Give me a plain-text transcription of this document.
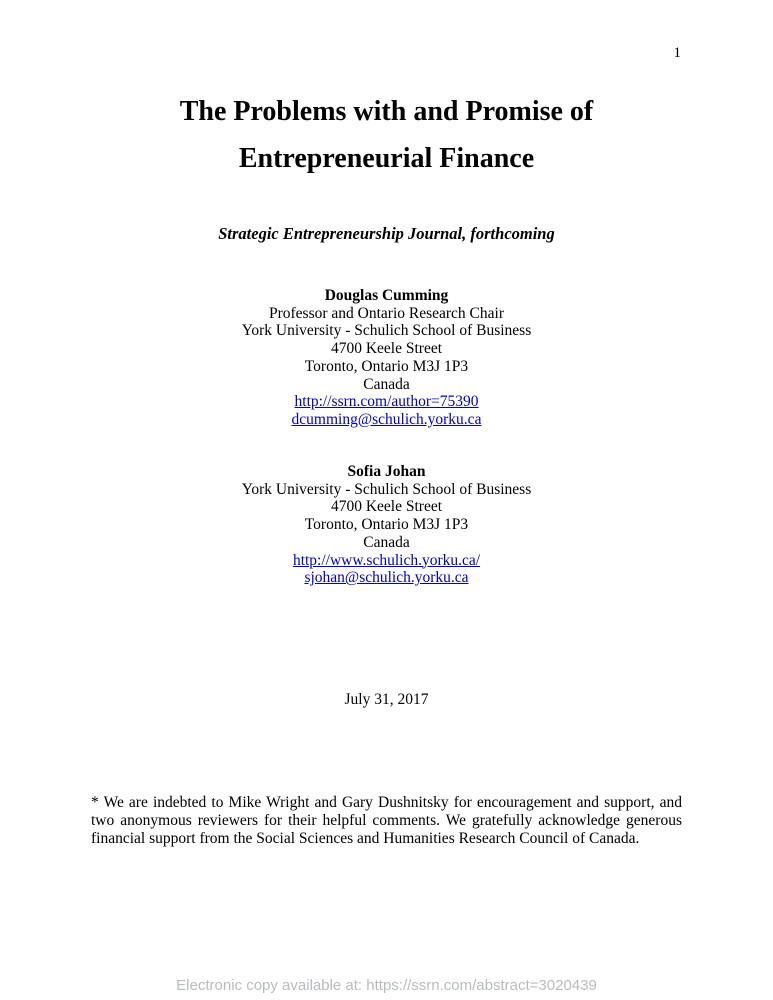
1
The Problems with and Promise of
Entrepreneurial Finance
Strategic Entrepreneurship Journal, forthcoming
Douglas Cumming
Professor and Ontario Research Chair
York University - Schulich School of Business
4700 Keele Street
Toronto, Ontario M3J 1P3
Canada
http://ssrn.com/author=75390
dcumming@schulich.yorku.ca
Sofia Johan
York University - Schulich School of Business
4700 Keele Street
Toronto, Ontario M3J 1P3
Canada
http://www.schulich.yorku.ca/
sjohan@schulich.yorku.ca
July 31, 2017
* We are indebted to Mike Wright and Gary Dushnitsky for encouragement and support, and two anonymous reviewers for their helpful comments. We gratefully acknowledge generous financial support from the Social Sciences and Humanities Research Council of Canada.
Electronic copy available at: https://ssrn.com/abstract=3020439
